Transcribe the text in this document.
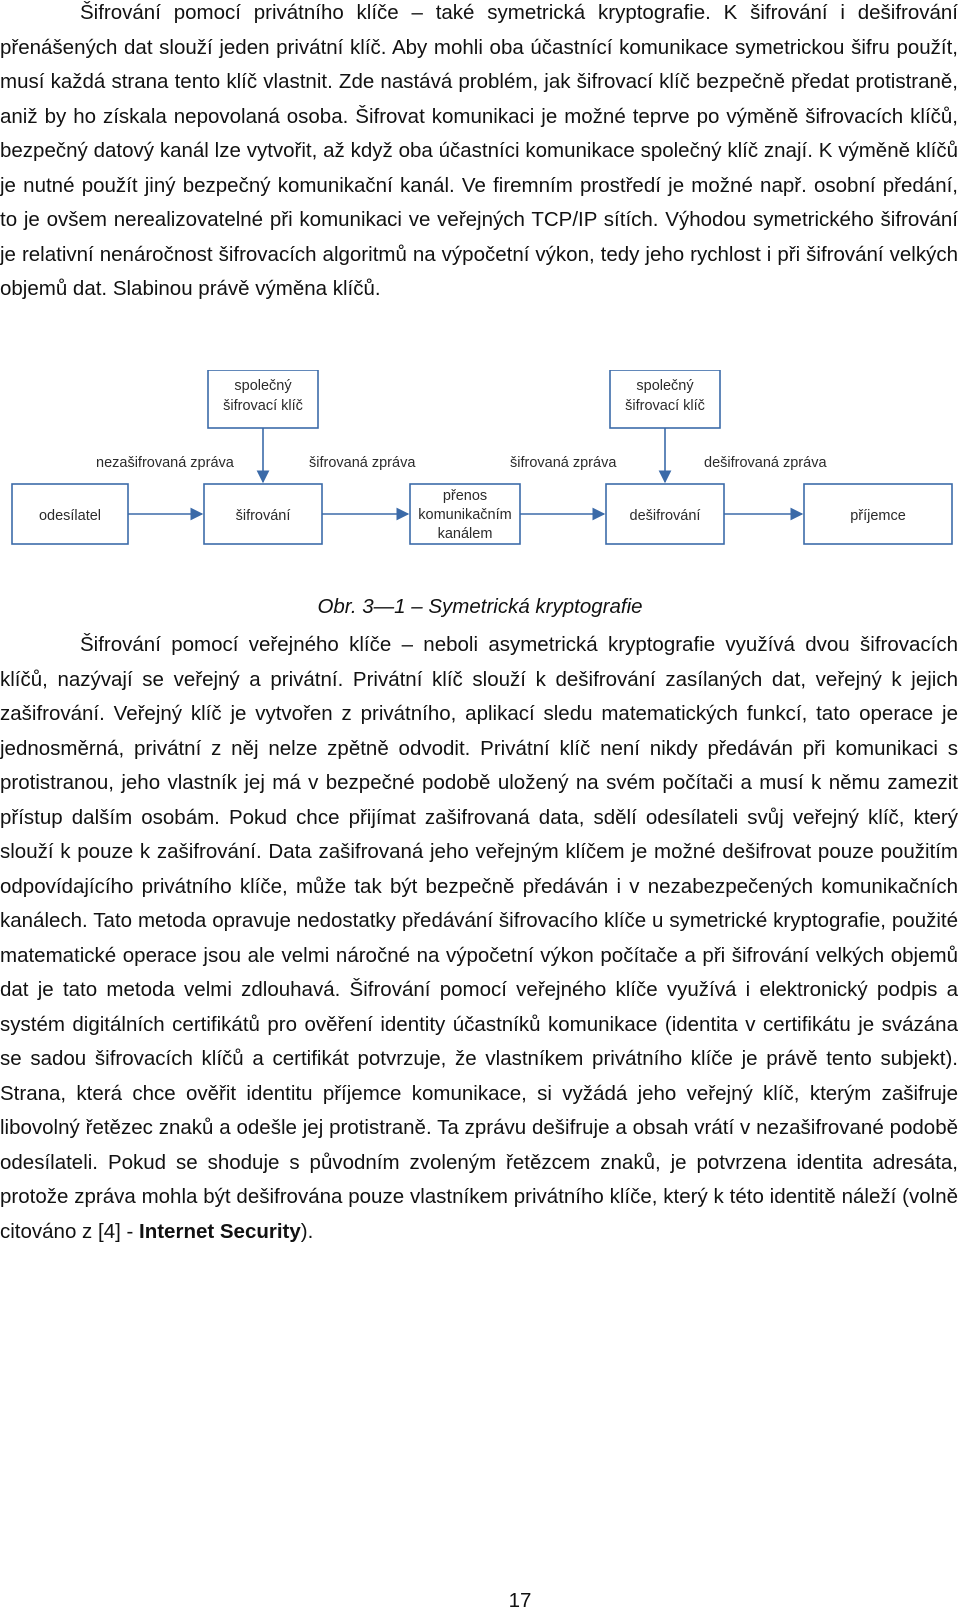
Šifrování pomocí privátního klíče – také symetrická kryptografie. K šifrování i dešifrování přenášených dat slouží jeden privátní klíč. Aby mohli oba účastnící komunikace symetrickou šifru použít, musí každá strana tento klíč vlastnit. Zde nastává problém, jak šifrovací klíč bezpečně předat protistraně, aniž by ho získala nepovolaná osoba. Šifrovat komunikaci je možné teprve po výměně šifrovacích klíčů, bezpečný datový kanál lze vytvořit, až když oba účastníci komunikace společný klíč znají. K výměně klíčů je nutné použít jiný bezpečný komunikační kanál. Ve firemním prostředí je možné např. osobní předání, to je ovšem nerealizovatelné při komunikaci ve veřejných TCP/IP sítích. Výhodou symetrického šifrování je relativní nenáročnost šifrovacích algoritmů na výpočetní výkon, tedy jeho rychlost i při šifrování velkých objemů dat. Slabinou právě výměna klíčů.

společný
šifrovací klíč
společný
šifrovací klíč
nezašifrovaná zpráva	šifrovaná zpráva	šifrovaná zpráva	dešifrovaná zpráva
odesílatel	šifrování
přenos
komunikačním
kanálem
dešifrování	příjemce
Obr. 3—1 – Symetrická kryptografie

Šifrování pomocí veřejného klíče – neboli asymetrická kryptografie využívá dvou šifrovacích klíčů, nazývají se veřejný a privátní. Privátní klíč slouží k dešifrování zasílaných dat, veřejný k jejich zašifrování. Veřejný klíč je vytvořen z privátního, aplikací sledu matematických funkcí, tato operace je jednosměrná, privátní z něj nelze zpětně odvodit. Privátní klíč není nikdy předáván při komunikaci s protistranou, jeho vlastník jej má v bezpečné podobě uložený na svém počítači a musí k němu zamezit přístup dalším osobám. Pokud chce přijímat zašifrovaná data, sdělí odesílateli svůj veřejný klíč, který slouží k pouze k zašifrování. Data zašifrovaná jeho veřejným klíčem je možné dešifrovat pouze použitím odpovídajícího privátního klíče, může tak být bezpečně předáván i v nezabezpečených komunikačních kanálech. Tato metoda opravuje nedostatky předávání šifrovacího klíče u symetrické kryptografie, použité matematické operace jsou ale velmi náročné na výpočetní výkon počítače a při šifrování velkých objemů dat je tato metoda velmi zdlouhavá. Šifrování pomocí veřejného klíče využívá i elektronický podpis a systém digitálních certifikátů pro ověření identity účastníků komunikace (identita v certifikátu je svázána se sadou šifrovacích klíčů a certifikát potvrzuje, že vlastníkem privátního klíče je právě tento subjekt). Strana, která chce ověřit identitu příjemce komunikace, si vyžádá jeho veřejný klíč, kterým zašifruje libovolný řetězec znaků a odešle jej protistraně. Ta zprávu dešifruje a obsah vrátí v nezašifrované podobě odesílateli. Pokud se shoduje s původním zvoleným řetězcem znaků, je potvrzena identita adresáta, protože zpráva mohla být dešifrována pouze vlastníkem privátního klíče, který k této identitě náleží (volně citováno z [4] - Internet Security).

17
